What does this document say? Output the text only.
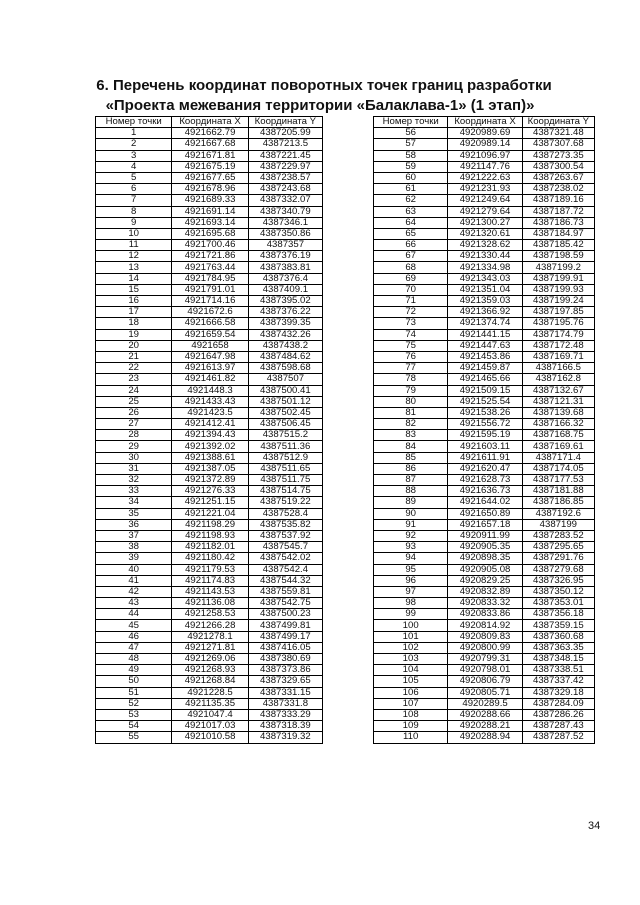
6. Перечень координат поворотных точек границ разработки
«Проекта межевания территории «Балаклава-1» (1 этап)»
Номер точки	Координата X	Координата Y
1	4921662.79	4387205.99
2	4921667.68	4387213.5
3	4921671.81	4387221.45
4	4921675.19	4387229.97
5	4921677.65	4387238.57
6	4921678.96	4387243.68
7	4921689.33	4387332.07
8	4921691.14	4387340.79
9	4921693.14	4387346.1
10	4921695.68	4387350.86
11	4921700.46	4387357
12	4921721.86	4387376.19
13	4921763.44	4387383.81
14	4921784.95	4387376.4
15	4921791.01	4387409.1
16	4921714.16	4387395.02
17	4921672.6	4387376.22
18	4921666.58	4387399.35
19	4921659.54	4387432.26
20	4921658	4387438.2
21	4921647.98	4387484.62
22	4921613.97	4387598.68
23	4921461.82	4387507
24	4921448.3	4387500.41
25	4921433.43	4387501.12
26	4921423.5	4387502.45
27	4921412.41	4387506.45
28	4921394.43	4387515.2
29	4921392.02	4387511.36
30	4921388.61	4387512.9
31	4921387.05	4387511.65
32	4921372.89	4387511.75
33	4921276.33	4387514.75
34	4921251.15	4387519.22
35	4921221.04	4387528.4
36	4921198.29	4387535.82
37	4921198.93	4387537.92
38	4921182.01	4387545.7
39	4921180.42	4387542.02
40	4921179.53	4387542.4
41	4921174.83	4387544.32
42	4921143.53	4387559.81
43	4921136.08	4387542.75
44	4921258.53	4387500.23
45	4921266.28	4387499.81
46	4921278.1	4387499.17
47	4921271.81	4387416.05
48	4921269.06	4387380.69
49	4921268.93	4387373.86
50	4921268.84	4387329.65
51	4921228.5	4387331.15
52	4921135.35	4387331.8
53	4921047.4	4387333.29
54	4921017.03	4387318.39
55	4921010.58	4387319.32
Номер точки	Координата X	Координата Y
56	4920989.69	4387321.48
57	4920989.14	4387307.68
58	4921096.97	4387273.35
59	4921147.76	4387300.54
60	4921222.63	4387263.67
61	4921231.93	4387238.02
62	4921249.64	4387189.16
63	4921279.64	4387187.72
64	4921300.27	4387186.73
65	4921320.61	4387184.97
66	4921328.62	4387185.42
67	4921330.44	4387198.59
68	4921334.98	4387199.2
69	4921343.03	4387199.91
70	4921351.04	4387199.93
71	4921359.03	4387199.24
72	4921366.92	4387197.85
73	4921374.74	4387195.76
74	4921441.15	4387174.79
75	4921447.63	4387172.48
76	4921453.86	4387169.71
77	4921459.87	4387166.5
78	4921465.66	4387162.8
79	4921509.15	4387132.67
80	4921525.54	4387121.31
81	4921538.26	4387139.68
82	4921556.72	4387166.32
83	4921595.19	4387168.75
84	4921603.11	4387169.61
85	4921611.91	4387171.4
86	4921620.47	4387174.05
87	4921628.73	4387177.53
88	4921636.73	4387181.88
89	4921644.02	4387186.85
90	4921650.89	4387192.6
91	4921657.18	4387199
92	4920911.99	4387283.52
93	4920905.35	4387295.65
94	4920898.35	4387291.76
95	4920905.08	4387279.68
96	4920829.25	4387326.95
97	4920832.89	4387350.12
98	4920833.32	4387353.01
99	4920833.86	4387356.18
100	4920814.92	4387359.15
101	4920809.83	4387360.68
102	4920800.99	4387363.35
103	4920799.31	4387348.15
104	4920798.01	4387338.51
105	4920806.79	4387337.42
106	4920805.71	4387329.18
107	4920289.5	4387284.09
108	4920288.66	4387286.26
109	4920288.21	4387287.43
110	4920288.94	4387287.52
34
